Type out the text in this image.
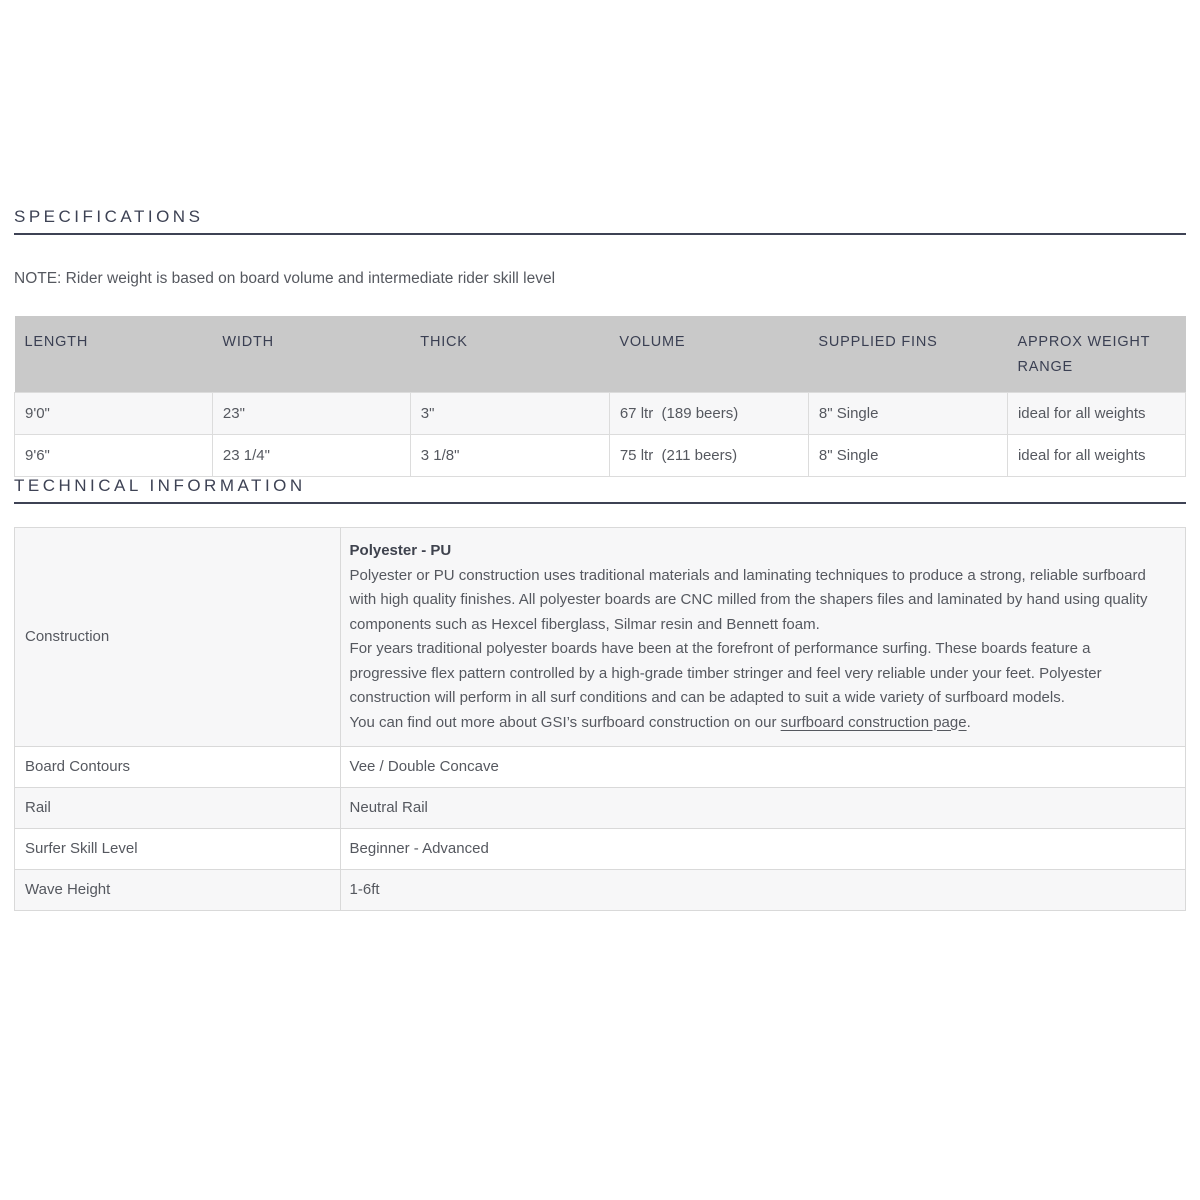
SPECIFICATIONS
NOTE: Rider weight is based on board volume and intermediate rider skill level
LENGTH	WIDTH	THICK	VOLUME	SUPPLIED FINS	APPROX WEIGHT RANGE
9'0"	23"	3"	67 ltr  (189 beers)	8" Single	ideal for all weights
9'6"	23 1/4"	3 1/8"	75 ltr  (211 beers)	8" Single	ideal for all weights
TECHNICAL INFORMATION
Construction	Polyester - PU
Polyester or PU construction uses traditional materials and laminating techniques to produce a strong, reliable surfboard with high quality finishes. All polyester boards are CNC milled from the shapers files and laminated by hand using quality components such as Hexcel fiberglass, Silmar resin and Bennett foam.
For years traditional polyester boards have been at the forefront of performance surfing. These boards feature a progressive flex pattern controlled by a high-grade timber stringer and feel very reliable under your feet. Polyester construction will perform in all surf conditions and can be adapted to suit a wide variety of surfboard models.
You can find out more about GSI’s surfboard construction on our surfboard construction page.

Board Contours	Vee / Double Concave
Rail	Neutral Rail
Surfer Skill Level	Beginner - Advanced
Wave Height	1-6ft
